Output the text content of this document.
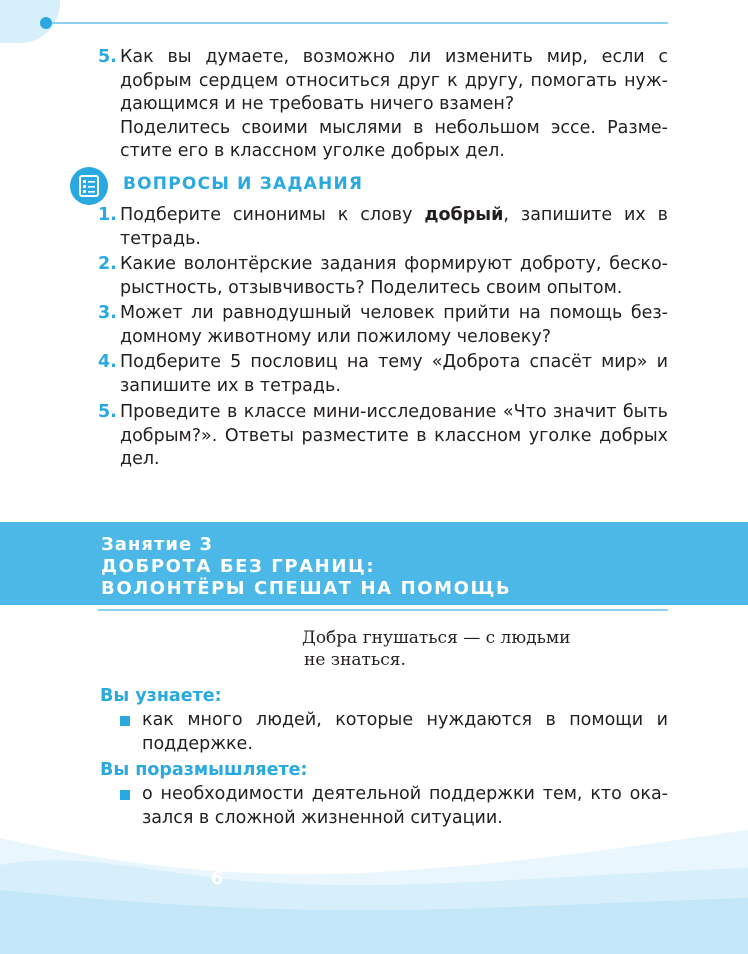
5. Как вы думаете, возможно ли изменить мир, если с
добрым сердцем относиться друг к другу, помогать нуж-
дающимся и не требовать ничего взамен?
Поделитесь своими мыслями в небольшом эссе. Разме-
стите его в классном уголке добрых дел.
ВОПРОСЫ И ЗАДАНИЯ
1. Подберите синонимы к слову добрый, запишите их в
тетрадь.
2. Какие волонтёрские задания формируют доброту, беско-
рыстность, отзывчивость? Поделитесь своим опытом.
3. Может ли равнодушный человек прийти на помощь без-
домному животному или пожилому человеку?
4. Подберите 5 пословиц на тему «Доброта спасёт мир» и
запишите их в тетрадь.
5. Проведите в классе мини-исследование «Что значит быть
добрым?». Ответы разместите в классном уголке добрых
дел.
Занятие 3
ДОБРОТА БЕЗ ГРАНИЦ:
ВОЛОНТЁРЫ СПЕШАТ НА ПОМОЩЬ
Добра гнушаться — с людьми
не знаться.
Вы узнаете:
как много людей, которые нуждаются в помощи и
поддержке.
Вы поразмышляете:
о необходимости деятельной поддержки тем, кто ока-
зался в сложной жизненной ситуации.
6
